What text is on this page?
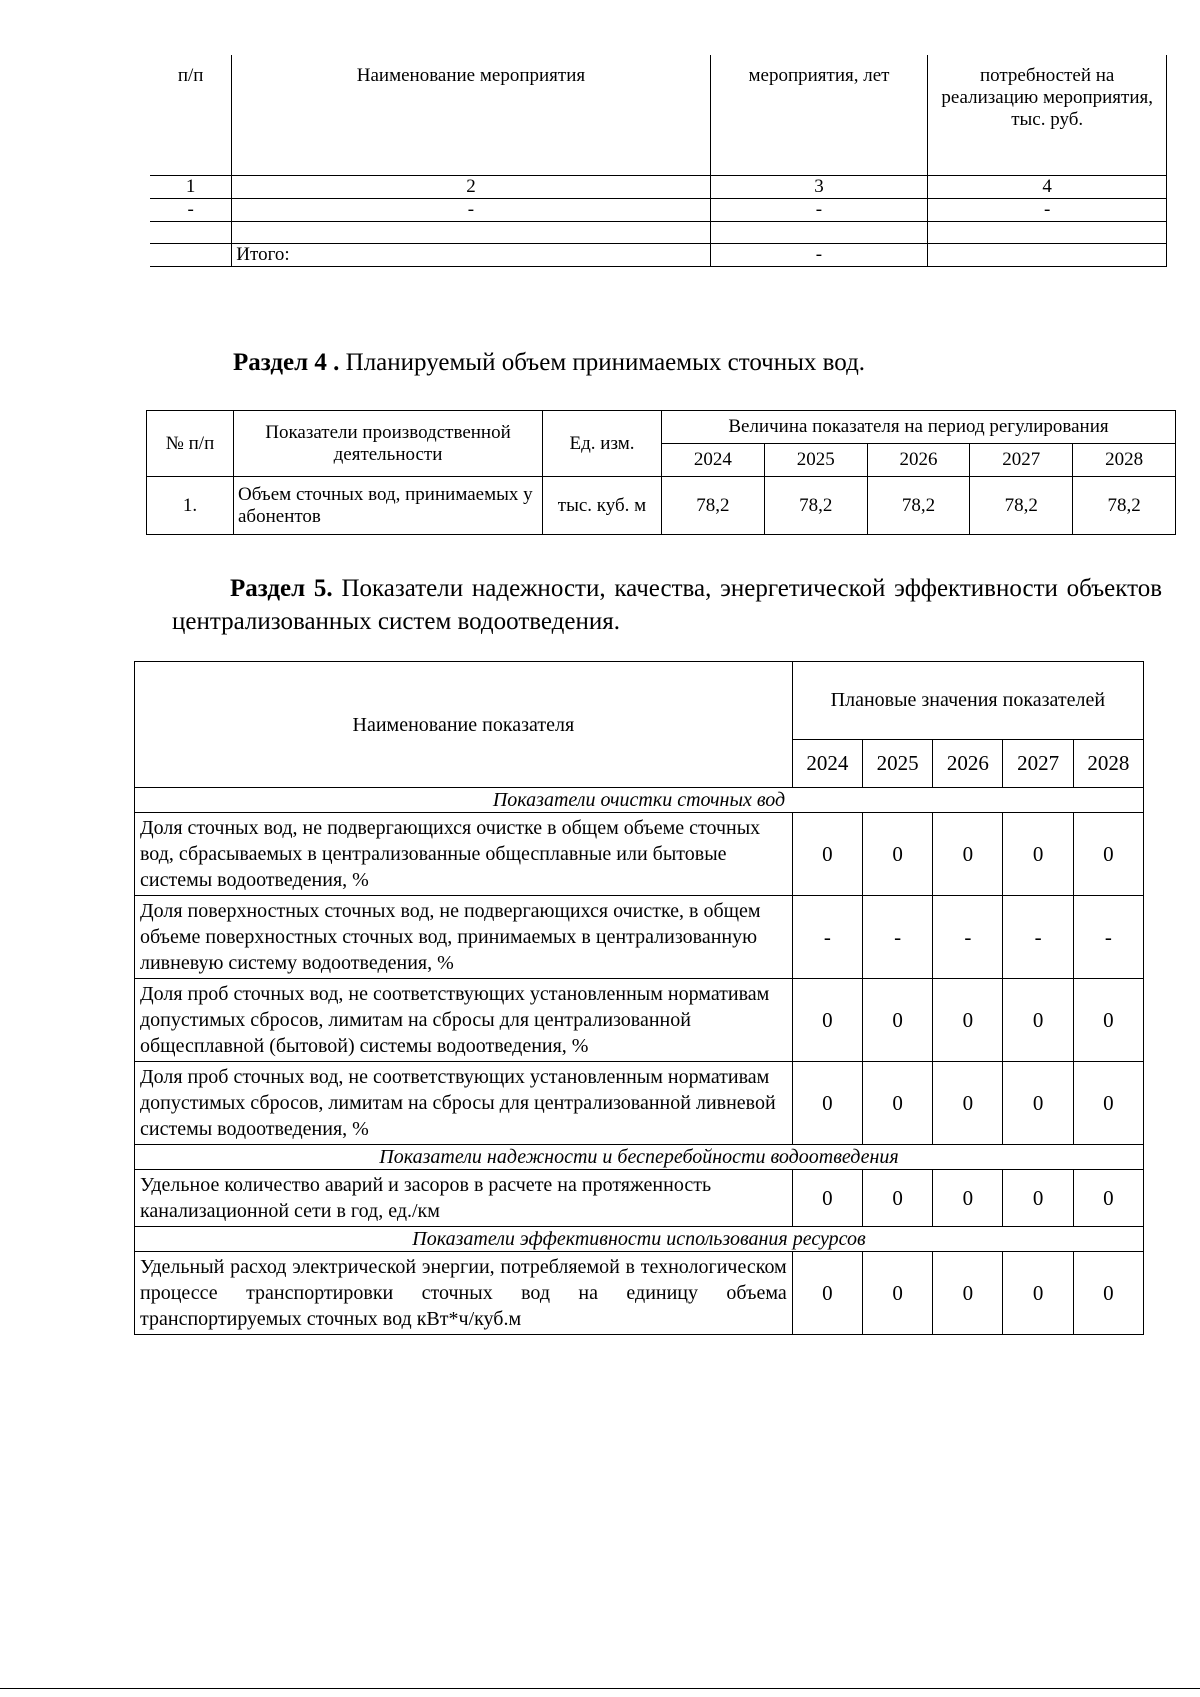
п/п	Наименование мероприятия	мероприятия, лет	потребностей на реализацию мероприятия, тыс. руб.
1	2	3	4
-	-	-	-

	Итого:	-	
Раздел 4 . Планируемый объем принимаемых сточных вод.
№ п/п	Показатели производственной деятельности	Ед. изм.	Величина показателя на период регулирования				
			2024	2025	2026	2027	2028
1.	Объем сточных вод, принимаемых у абонентов	тыс. куб. м	78,2	78,2	78,2	78,2	78,2
Раздел 5. Показатели надежности, качества, энергетической эффективности объектов централизованных систем водоотведения.
Наименование показателя	Плановые значения показателей				
	2024	2025	2026	2027	2028
Показатели очистки сточных вод					
Доля сточных вод, не подвергающихся очистке в общем объеме сточных вод, сбрасываемых в централизованные общесплавные или бытовые системы водоотведения, %	0	0	0	0	0
Доля поверхностных сточных вод, не подвергающихся очистке, в общем объеме поверхностных сточных вод, принимаемых в централизованную ливневую систему водоотведения, %	-	-	-	-	-
Доля проб сточных вод, не соответствующих установленным нормативам допустимых сбросов, лимитам на сбросы для централизованной общесплавной (бытовой) системы водоотведения, %	0	0	0	0	0
Доля проб сточных вод, не соответствующих установленным нормативам допустимых сбросов, лимитам на сбросы для централизованной ливневой системы водоотведения, %	0	0	0	0	0
Показатели надежности и бесперебойности водоотведения					
Удельное количество аварий и засоров в расчете на протяженность канализационной сети в год, ед./км	0	0	0	0	0
Показатели эффективности использования ресурсов					
Удельный расход электрической энергии, потребляемой в технологическом процессе транспортировки сточных вод на единицу объема транспортируемых сточных вод кВт*ч/куб.м	0	0	0	0	0
